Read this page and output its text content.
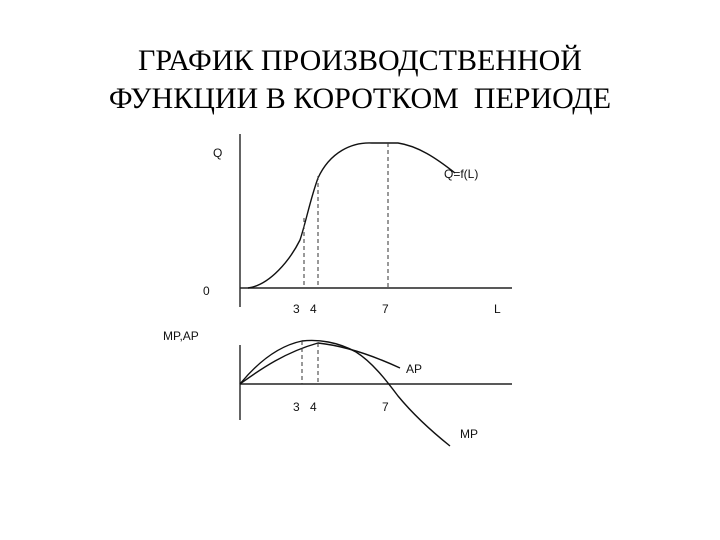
ГРАФИК ПРОИЗВОДСТВЕННОЙ
ФУНКЦИИ В КОРОТКОМ  ПЕРИОДЕ
Q
0
L
Q=f(L)
3 4	7
MP,AP
AP
MP
3 4	7
